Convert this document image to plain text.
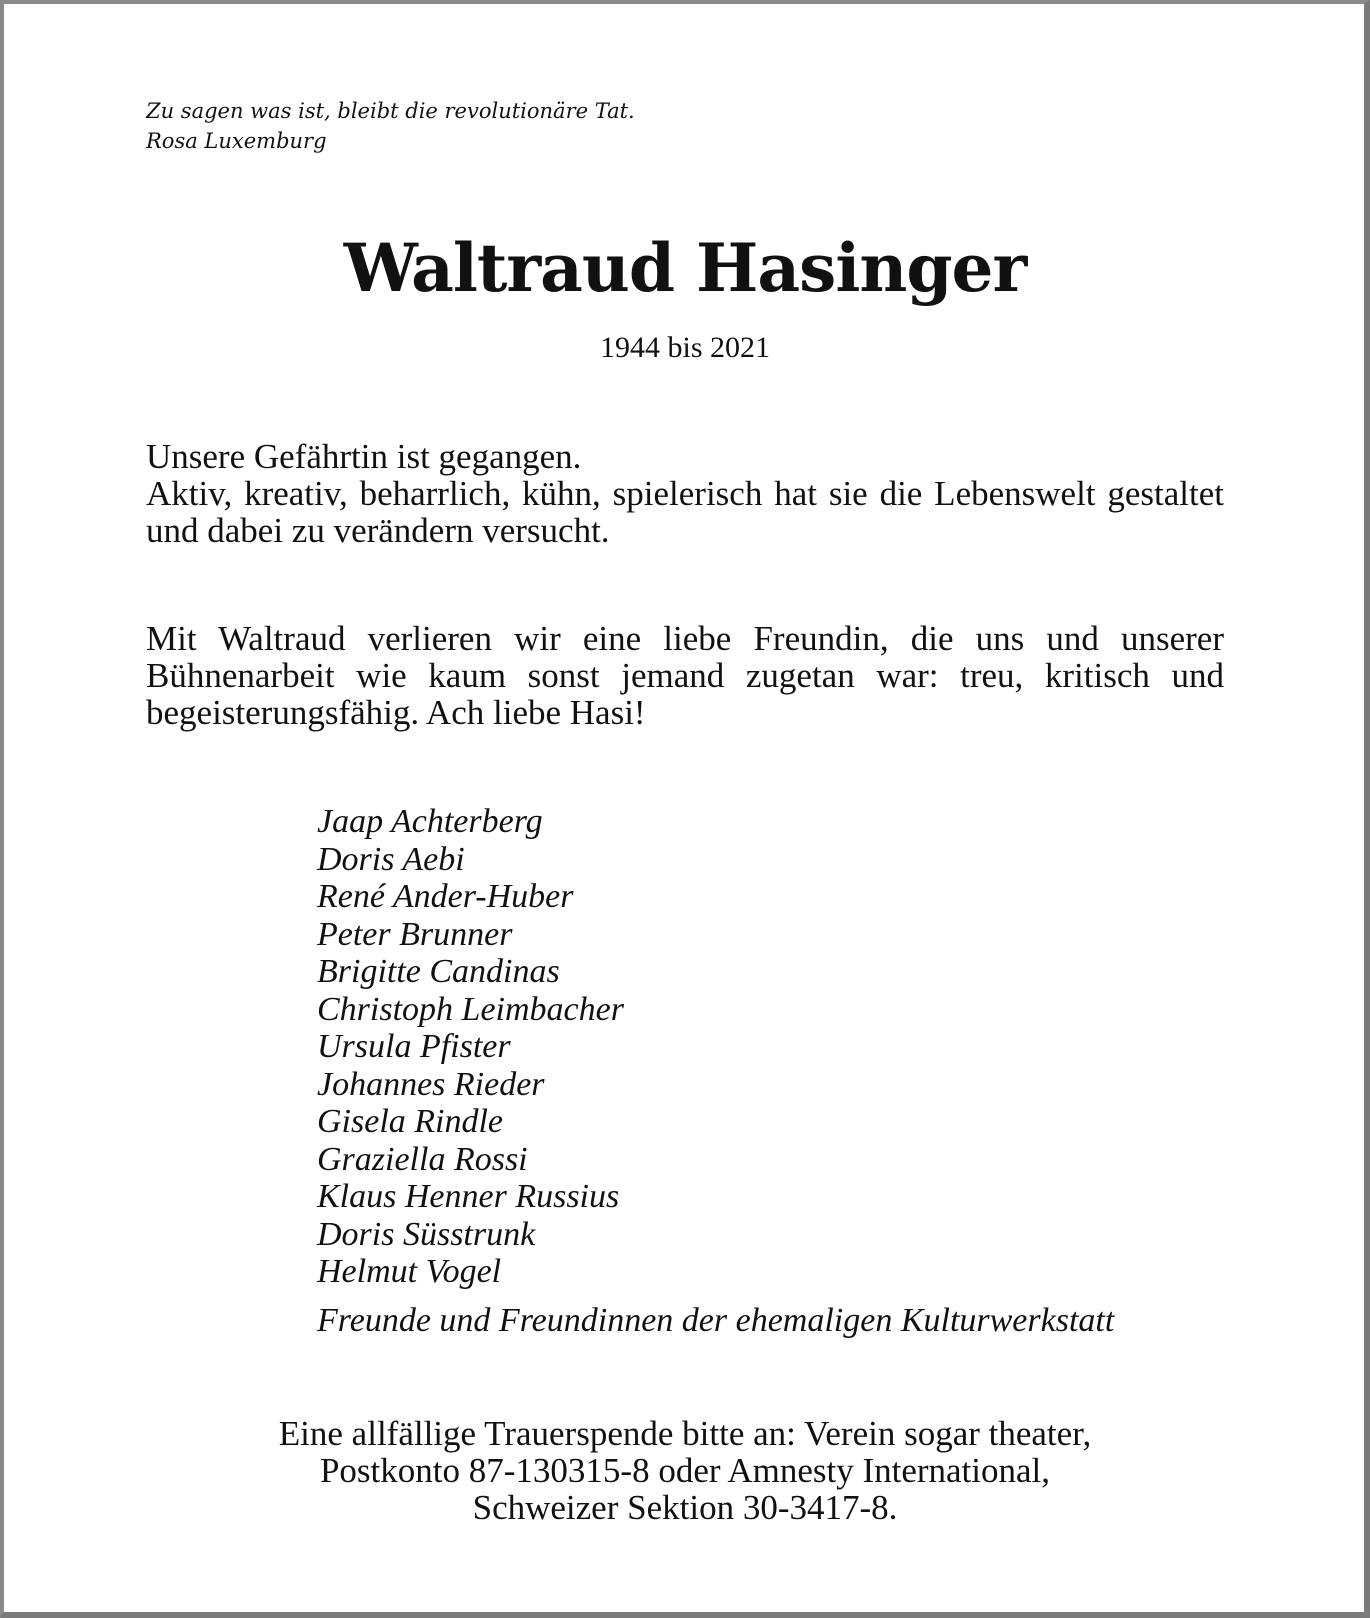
Zu sagen was ist, bleibt die revolutionäre Tat.
Rosa Luxemburg
Waltraud Hasinger
1944 bis 2021
Unsere Gefährtin ist gegangen.
Aktiv, kreativ, beharrlich, kühn, spielerisch hat sie die Lebenswelt gestaltet und dabei zu verändern versucht.
Mit Waltraud verlieren wir eine liebe Freundin, die uns und unserer Bühnenarbeit wie kaum sonst jemand zugetan war: treu, kritisch und begeisterungsfähig. Ach liebe Hasi!
Jaap Achterberg
Doris Aebi
René Ander-Huber
Peter Brunner
Brigitte Candinas
Christoph Leimbacher
Ursula Pfister
Johannes Rieder
Gisela Rindle
Graziella Rossi
Klaus Henner Russius
Doris Süsstrunk
Helmut Vogel
Freunde und Freundinnen der ehemaligen Kulturwerkstatt
Eine allfällige Trauerspende bitte an: Verein sogar theater,
Postkonto 87-130315-8 oder Amnesty International,
Schweizer Sektion 30-3417-8.
